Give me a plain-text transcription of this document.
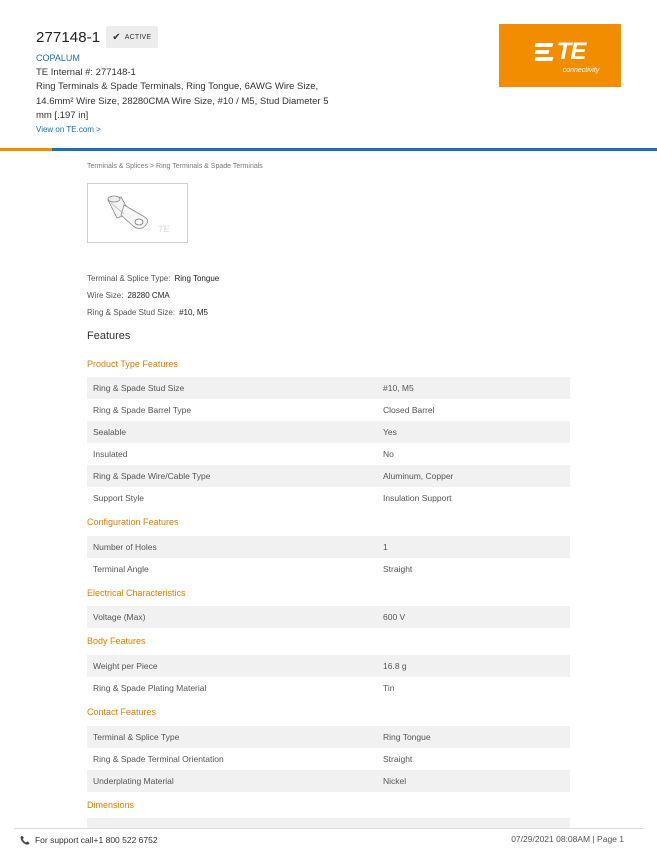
277148-1 ✔ ACTIVE
COPALUM
TE Internal #: 277148-1
Ring Terminals & Spade Terminals, Ring Tongue, 6AWG Wire Size, 14.6mm² Wire Size, 28280CMA Wire Size, #10 / M5, Stud Diameter 5 mm [.197 in]
View on TE.com >
TE
connectivity
Terminals & Splices > Ring Terminals & Spade Terminals
TE
Terminal & Splice Type: Ring Tongue
Wire Size: 28280 CMA
Ring & Spade Stud Size: #10, M5
Features
Product Type Features
Ring & Spade Stud Size	#10, M5
Ring & Spade Barrel Type	Closed Barrel
Sealable	Yes
Insulated	No
Ring & Spade Wire/Cable Type	Aluminum, Copper
Support Style	Insulation Support
Configuration Features
Number of Holes	1
Terminal Angle	Straight
Electrical Characteristics
Voltage (Max)	600 V
Body Features
Weight per Piece	16.8 g
Ring & Spade Plating Material	Tin
Contact Features
Terminal & Splice Type	Ring Tongue
Ring & Spade Terminal Orientation	Straight
Underplating Material	Nickel
Dimensions
📞 For support call+1 800 522 6752	07/29/2021 08:08AM | Page 1
